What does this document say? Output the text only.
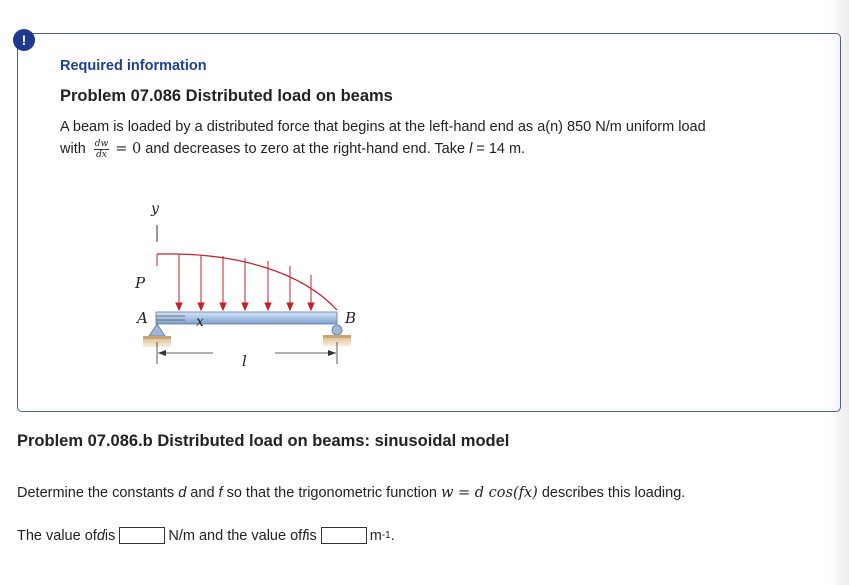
!
Required information
Problem 07.086 Distributed load on beams
A beam is loaded by a distributed force that begins at the left-hand end as a(n) 850 N/m uniform load
with $\frac{dw}{dx} = 0$ and decreases to zero at the right-hand end. Take l = 14 m.
y
P
A	x	B
l
Problem 07.086.b Distributed load on beams: sinusoidal model
Determine the constants d and f so that the trigonometric function w = d cos(fx) describes this loading.
The value of d is	N/m and the value of f is	m -1 .
